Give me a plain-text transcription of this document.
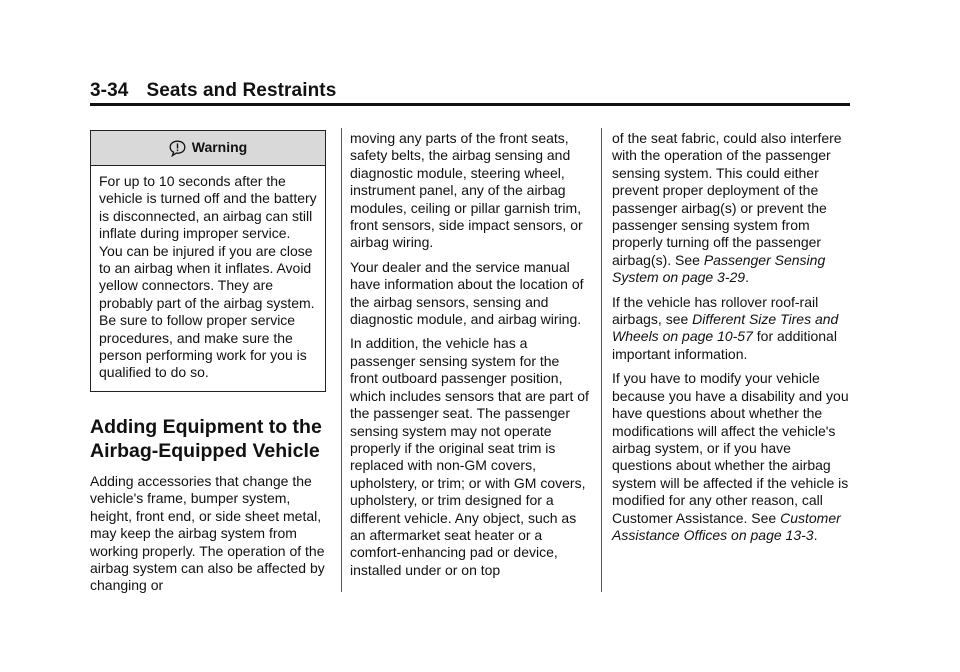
3-34 Seats and Restraints
Warning
For up to 10 seconds after the vehicle is turned off and the battery is disconnected, an airbag can still inflate during improper service. You can be injured if you are close to an airbag when it inflates. Avoid yellow connectors. They are probably part of the airbag system. Be sure to follow proper service procedures, and make sure the person performing work for you is qualified to do so.
Adding Equipment to the Airbag-Equipped Vehicle

Adding accessories that change the vehicle's frame, bumper system, height, front end, or side sheet metal, may keep the airbag system from working properly. The operation of the airbag system can also be affected by changing or

moving any parts of the front seats, safety belts, the airbag sensing and diagnostic module, steering wheel, instrument panel, any of the airbag modules, ceiling or pillar garnish trim, front sensors, side impact sensors, or airbag wiring.

Your dealer and the service manual have information about the location of the airbag sensors, sensing and diagnostic module, and airbag wiring.

In addition, the vehicle has a passenger sensing system for the front outboard passenger position, which includes sensors that are part of the passenger seat. The passenger sensing system may not operate properly if the original seat trim is replaced with non-GM covers, upholstery, or trim; or with GM covers, upholstery, or trim designed for a different vehicle. Any object, such as an aftermarket seat heater or a comfort-enhancing pad or device, installed under or on top

of the seat fabric, could also interfere with the operation of the passenger sensing system. This could either prevent proper deployment of the passenger airbag(s) or prevent the passenger sensing system from properly turning off the passenger airbag(s). See Passenger Sensing System on page 3-29.

If the vehicle has rollover roof-rail airbags, see Different Size Tires and Wheels on page 10-57 for additional important information.

If you have to modify your vehicle because you have a disability and you have questions about whether the modifications will affect the vehicle's airbag system, or if you have questions about whether the airbag system will be affected if the vehicle is modified for any other reason, call Customer Assistance. See Customer Assistance Offices on page 13-3.
